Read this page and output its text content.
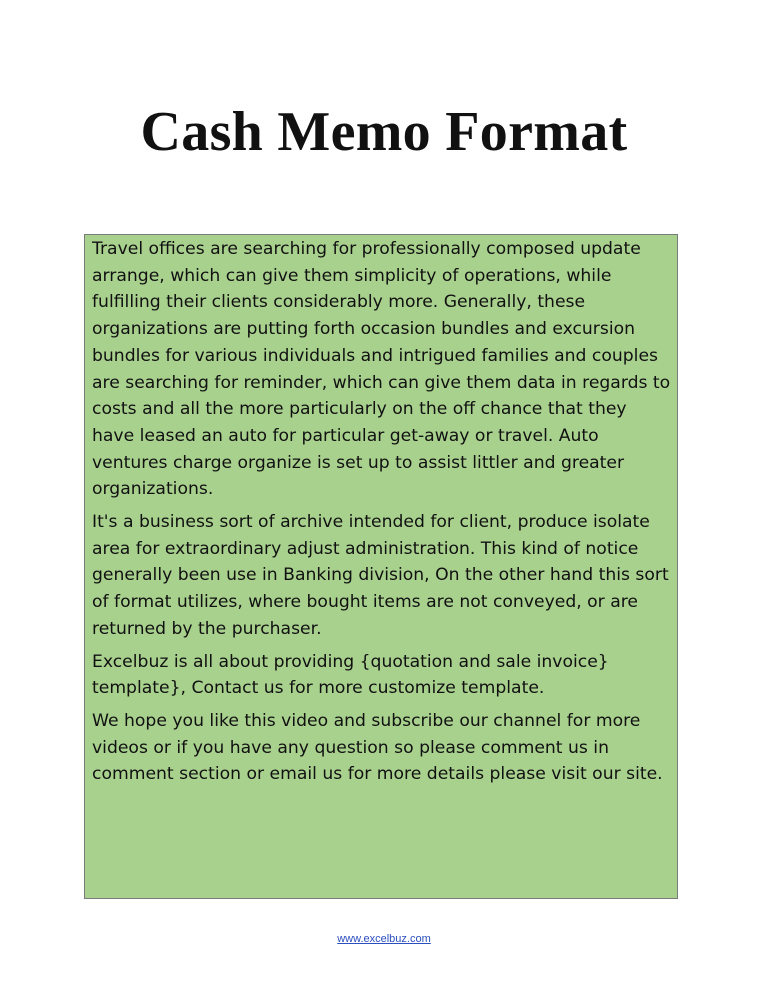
Cash Memo Format

Travel offices are searching for professionally composed update arrange, which can give them simplicity of operations, while fulfilling their clients considerably more. Generally, these organizations are putting forth occasion bundles and excursion bundles for various individuals and intrigued families and couples are searching for reminder, which can give them data in regards to costs and all the more particularly on the off chance that they have leased an auto for particular get-away or travel. Auto ventures charge organize is set up to assist littler and greater organizations.

It's a business sort of archive intended for client, produce isolate area for extraordinary adjust administration. This kind of notice generally been use in Banking division, On the other hand this sort of format utilizes, where bought items are not conveyed, or are returned by the purchaser.

Excelbuz is all about providing {quotation and sale invoice} template}, Contact us for more customize template.

We hope you like this video and subscribe our channel for more videos or if you have any question so please comment us in comment section or email us for more details please visit our site.

www.excelbuz.com
